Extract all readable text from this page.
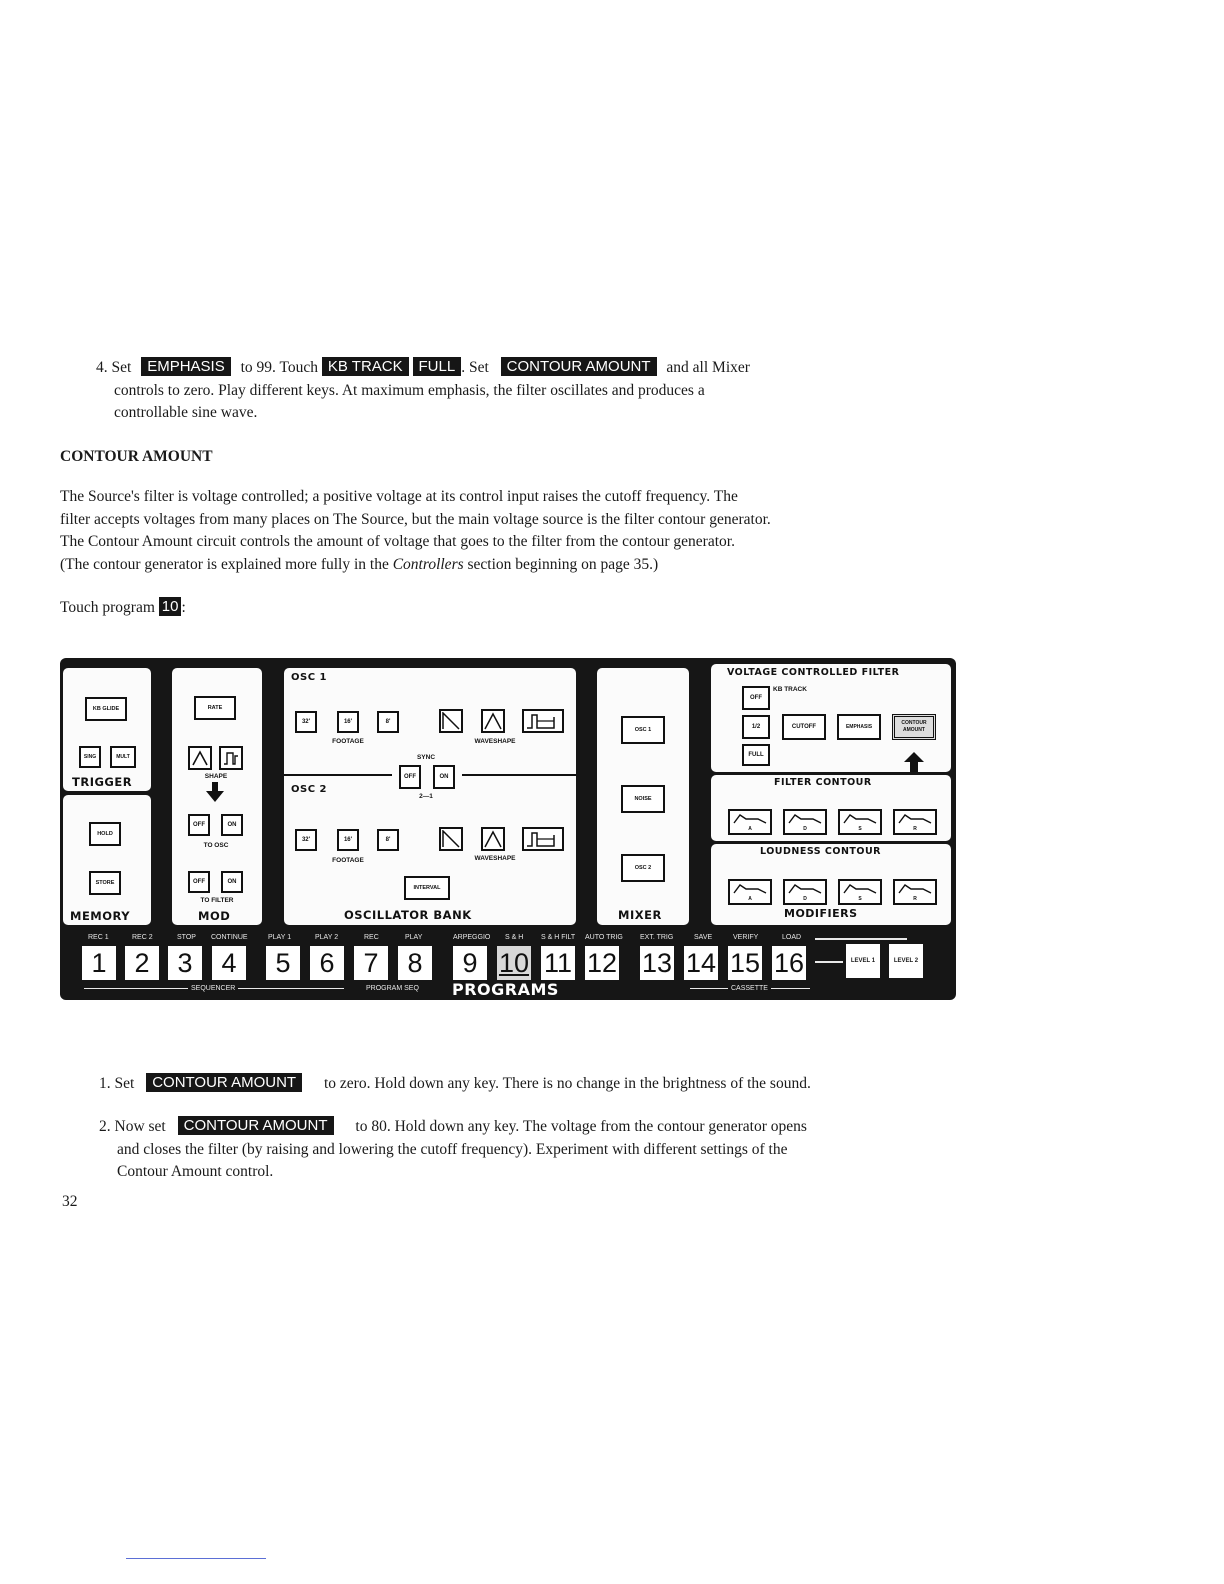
4. Set EMPHASIS to 99. Touch KB TRACK FULL . Set CONTOUR AMOUNT and all Mixer
controls to zero. Play different keys. At maximum emphasis, the filter oscillates and produces a
controllable sine wave.
CONTOUR AMOUNT
The Source's filter is voltage controlled; a positive voltage at its control input raises the cutoff frequency. The
filter accepts voltages from many places on The Source, but the main voltage source is the filter contour generator.
The Contour Amount circuit controls the amount of voltage that goes to the filter from the contour generator.
(The contour generator is explained more fully in the Controllers section beginning on page 35.)
Touch program 10 :
KB GLIDE
SING	MULT
TRIGGER
HOLD
STORE
MEMORY
RATE
SHAPE
OFF	ON
TO OSC
OFF	ON
TO FILTER
MOD
OSC 1
32'	16'	8'
FOOTAGE	WAVESHAPE
SYNC
OFF	ON
2—1
OSC 2
32'	16'	8'
FOOTAGE	WAVESHAPE
INTERVAL
OSCILLATOR BANK
OSC 1
NOISE
OSC 2
MIXER
VOLTAGE CONTROLLED FILTER
OFF
KB TRACK
1/2	CUTOFF	EMPHASIS
CONTOUR AMOUNT
FULL
FILTER CONTOUR
A	D	S	R
LOUDNESS CONTOUR
A	D	S	R
MODIFIERS
REC 1	REC 2	STOP CONTINUE	PLAY 1	PLAY 2	REC	PLAY	ARPEGGIO S & H	S & H FILT AUTO TRIG EXT. TRIG	SAVE	VERIFY	LOAD
1	2	3	4	5	6	7	8	9 10 11 12 13 14 15 16	LEVEL 1	LEVEL 2
SEQUENCER	PROGRAM SEQ PROGRAMS	CASSETTE
1. Set CONTOUR AMOUNT to zero. Hold down any key. There is no change in the brightness of the sound.
2. Now set CONTOUR AMOUNT to 80. Hold down any key. The voltage from the contour generator opens
and closes the filter (by raising and lowering the cutoff frequency). Experiment with different settings of the
Contour Amount control.
32
